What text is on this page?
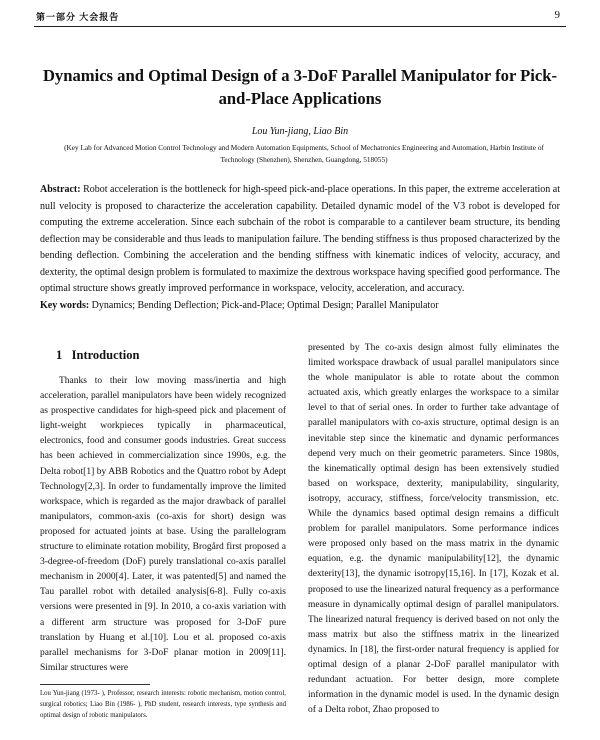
第一部分 大会报告	9
Dynamics and Optimal Design of a 3-DoF Parallel Manipulator for Pick-and-Place Applications
Lou Yun-jiang, Liao Bin
(Key Lab for Advanced Motion Control Technology and Modern Automation Equipments, School of Mechatronics Engineering and Automation, Harbin Institute of Technology (Shenzhen), Shenzhen, Guangdong, 518055)
Abstract: Robot acceleration is the bottleneck for high-speed pick-and-place operations. In this paper, the extreme acceleration at null velocity is proposed to characterize the acceleration capability. Detailed dynamic model of the V3 robot is developed for computing the extreme acceleration. Since each subchain of the robot is comparable to a cantilever beam structure, its bending deflection may be considerable and thus leads to manipulation failure. The bending stiffness is thus proposed characterized by the bending deflection. Combining the acceleration and the bending stiffness with kinematic indices of velocity, accuracy, and dexterity, the optimal design problem is formulated to maximize the dextrous workspace having specified good performance. The optimal structure shows greatly improved performance in workspace, velocity, acceleration, and accuracy.
Key words: Dynamics; Bending Deflection; Pick-and-Place; Optimal Design; Parallel Manipulator
1 Introduction

Thanks to their low moving mass/inertia and high acceleration, parallel manipulators have been widely recognized as prospective candidates for high-speed pick and placement of light-weight workpieces typically in pharmaceutical, electronics, food and consumer goods industries. Great success has been achieved in commercialization since 1990s, e.g. the Delta robot[1] by ABB Robotics and the Quattro robot by Adept Technology[2,3]. In order to fundamentally improve the limited workspace, which is regarded as the major drawback of parallel manipulators, common-axis (co-axis for short) design was proposed for actuated joints at base. Using the parallelogram structure to eliminate rotation mobility, Brogård first proposed a 3-degree-of-freedom (DoF) purely translational co-axis parallel mechanism in 2000[4]. Later, it was patented[5] and named the Tau parallel robot with detailed analysis[6-8]. Fully co-axis versions were presented in [9]. In 2010, a co-axis variation with a different arm structure was proposed for 3-DoF pure translation by Huang et al.[10]. Lou et al. proposed co-axis parallel mechanisms for 3-DoF planar motion in 2009[11]. Similar structures were

presented by The co-axis design almost fully eliminates the limited workspace drawback of usual parallel manipulators since the whole manipulator is able to rotate about the common actuated axis, which greatly enlarges the workspace to a similar level to that of serial ones. In order to further take advantage of parallel manipulators with co-axis structure, optimal design is an inevitable step since the kinematic and dynamic performances depend very much on their geometric parameters. Since 1980s, the kinematically optimal design has been extensively studied based on workspace, dexterity, manipulability, singularity, isotropy, accuracy, stiffness, force/velocity transmission, etc. While the dynamics based optimal design remains a difficult problem for parallel manipulators. Some performance indices were proposed only based on the mass matrix in the dynamic equation, e.g. the dynamic manipulability[12], the dynamic dexterity[13], the dynamic isotropy[15,16]. In [17], Kozak et al. proposed to use the linearized natural frequency as a performance measure in dynamically optimal design of parallel manipulators. The linearized natural frequency is derived based on not only the mass matrix but also the stiffness matrix in the linearized dynamics. In [18], the first-order natural frequency is applied for optimal design of a planar 2-DoF parallel manipulator with redundant actuation. For better design, more complete information in the dynamic model is used. In the dynamic design of a Delta robot, Zhao proposed to

Lou Yun-jiang (1973- ), Professor, research interests: robotic mechanism, motion control, surgical robotics; Liao Bin (1986- ), PhD student, research interests, type synthesis and optimal design of robotic manipulators.
